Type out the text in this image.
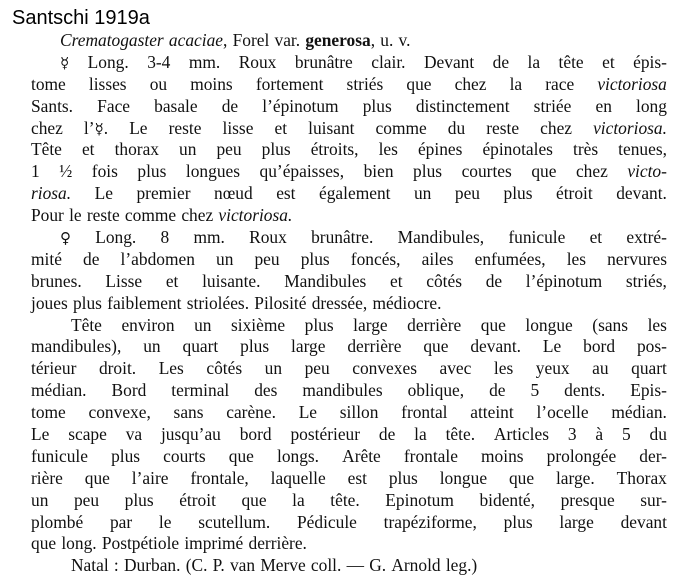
Santschi 1919a
Crematogaster acaciae, Forel var. generosa, u. v.
☿ Long. 3-4 mm. Roux brunâtre clair. Devant de la tête et épis-
tome lisses ou moins fortement striés que chez la race victoriosa
Sants. Face basale de l’épinotum plus distinctement striée en long
chez l’☿. Le reste lisse et luisant comme du reste chez victoriosa.
Tête et thorax un peu plus étroits, les épines épinotales très tenues,
1 ½ fois plus longues qu’épaisses, bien plus courtes que chez victo-
riosa. Le premier nœud est également un peu plus étroit devant.
Pour le reste comme chez victoriosa.
♀ Long. 8 mm. Roux brunâtre. Mandibules, funicule et extré-
mité de l’abdomen un peu plus foncés, ailes enfumées, les nervures
brunes. Lisse et luisante. Mandibules et côtés de l’épinotum striés,
joues plus faiblement striolées. Pilosité dressée, médiocre.
Tête environ un sixième plus large derrière que longue (sans les
mandibules), un quart plus large derrière que devant. Le bord pos-
térieur droit. Les côtés un peu convexes avec les yeux au quart
médian. Bord terminal des mandibules oblique, de 5 dents. Epis-
tome convexe, sans carène. Le sillon frontal atteint l’ocelle médian.
Le scape va jusqu’au bord postérieur de la tête. Articles 3 à 5 du
funicule plus courts que longs. Arête frontale moins prolongée der-
rière que l’aire frontale, laquelle est plus longue que large. Thorax
un peu plus étroit que la tête. Epinotum bidenté, presque sur-
plombé par le scutellum. Pédicule trapéziforme, plus large devant
que long. Postpétiole imprimé derrière.
Natal : Durban. (C. P. van Merve coll. — G. Arnold leg.)
